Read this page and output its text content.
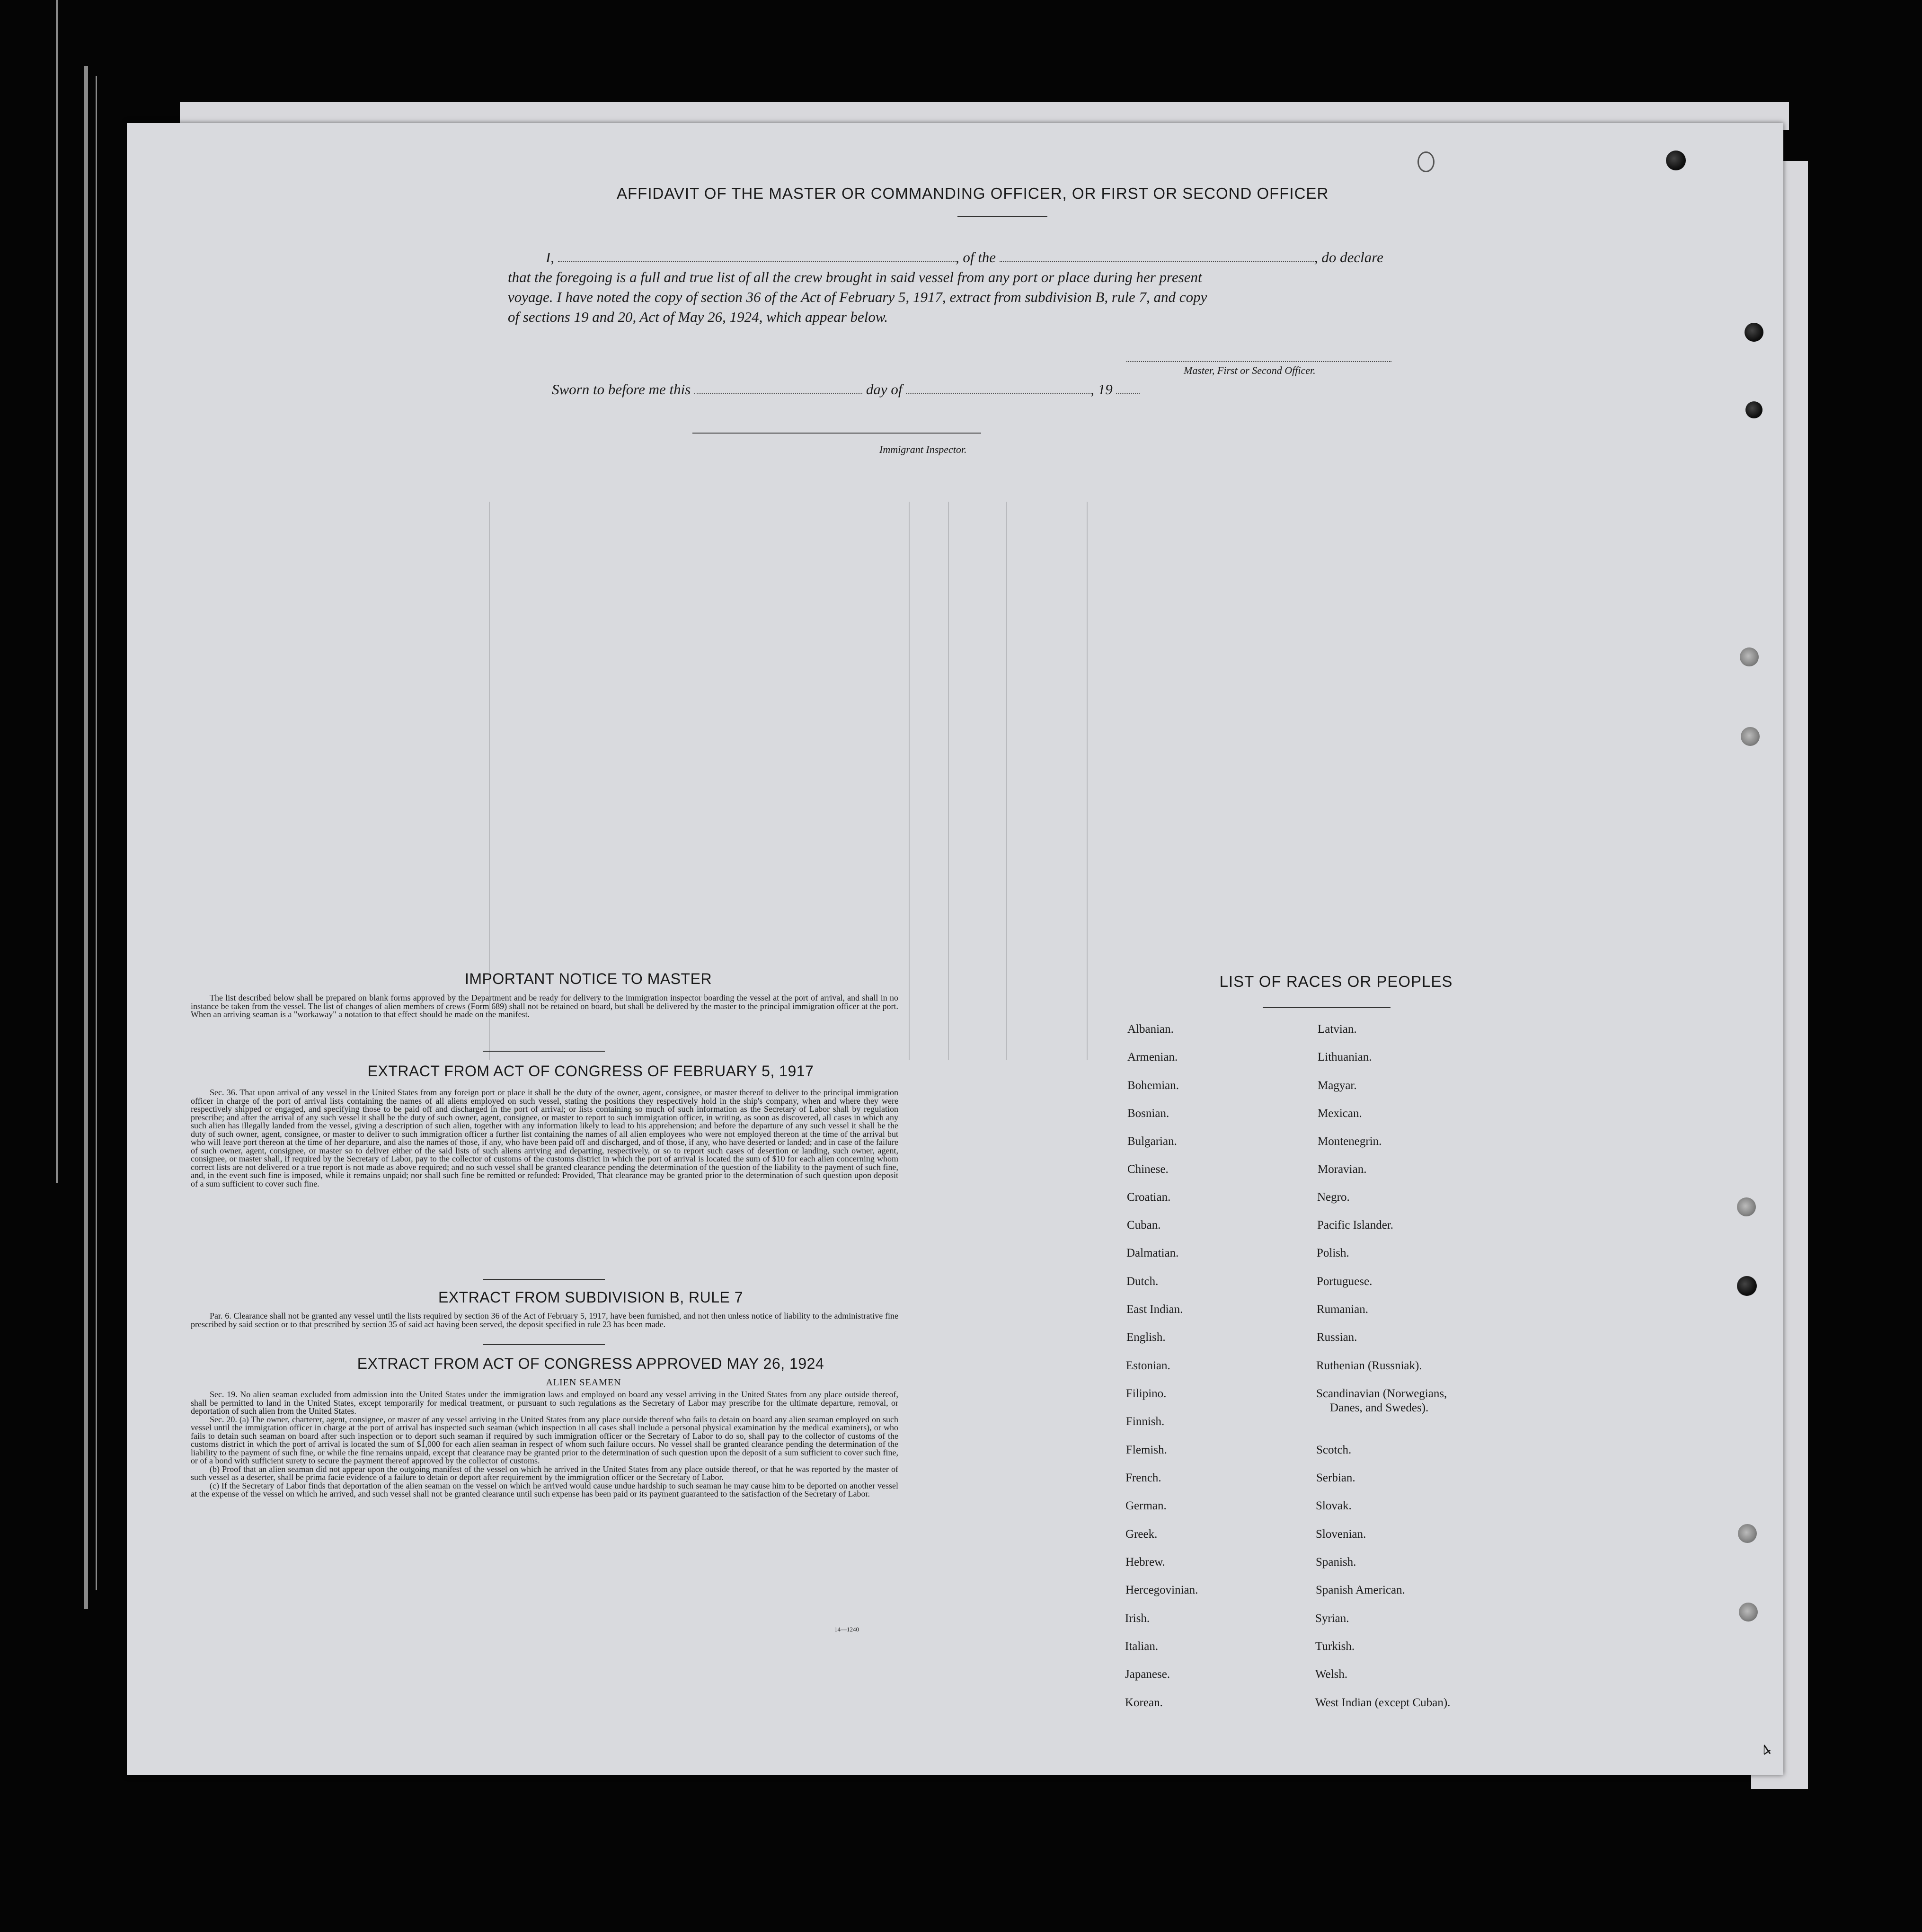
AFFIDAVIT OF THE MASTER OR COMMANDING OFFICER, OR FIRST OR SECOND OFFICER
I,	, of the	, do declare
that the foregoing is a full and true list of all the crew brought in said vessel from any port or place during her present
voyage. I have noted the copy of section 36 of the Act of February 5, 1917, extract from subdivision B, rule 7, and copy
of sections 19 and 20, Act of May 26, 1924, which appear below.
Master, First or Second Officer.
Sworn to before me this	day of	, 19
Immigrant Inspector.
IMPORTANT NOTICE TO MASTER
The list described below shall be prepared on blank forms approved by the Department and be ready for delivery to the immigration inspector boarding the vessel at the port of arrival, and shall in no instance be taken from the vessel. The list of changes of alien members of crews (Form 689) shall not be retained on board, but shall be delivered by the master to the principal immigration officer at the port. When an arriving seaman is a "workaway" a notation to that effect should be made on the manifest.
EXTRACT FROM ACT OF CONGRESS OF FEBRUARY 5, 1917
Sec. 36. That upon arrival of any vessel in the United States from any foreign port or place it shall be the duty of the owner, agent, consignee, or master thereof to deliver to the principal immigration officer in charge of the port of arrival lists containing the names of all aliens employed on such vessel, stating the positions they respectively hold in the ship's company, when and where they were respectively shipped or engaged, and specifying those to be paid off and discharged in the port of arrival; or lists containing so much of such information as the Secretary of Labor shall by regulation prescribe; and after the arrival of any such vessel it shall be the duty of such owner, agent, consignee, or master to report to such immigration officer, in writing, as soon as discovered, all cases in which any such alien has illegally landed from the vessel, giving a description of such alien, together with any information likely to lead to his apprehension; and before the departure of any such vessel it shall be the duty of such owner, agent, consignee, or master to deliver to such immigration officer a further list containing the names of all alien employees who were not employed thereon at the time of the arrival but who will leave port thereon at the time of her departure, and also the names of those, if any, who have been paid off and discharged, and of those, if any, who have deserted or landed; and in case of the failure of such owner, agent, consignee, or master so to deliver either of the said lists of such aliens arriving and departing, respectively, or so to report such cases of desertion or landing, such owner, agent, consignee, or master shall, if required by the Secretary of Labor, pay to the collector of customs of the customs district in which the port of arrival is located the sum of $10 for each alien concerning whom correct lists are not delivered or a true report is not made as above required; and no such vessel shall be granted clearance pending the determination of the question of the liability to the payment of such fine, and, in the event such fine is imposed, while it remains unpaid; nor shall such fine be remitted or refunded: Provided, That clearance may be granted prior to the determination of such question upon deposit of a sum sufficient to cover such fine.
EXTRACT FROM SUBDIVISION B, RULE 7
Par. 6. Clearance shall not be granted any vessel until the lists required by section 36 of the Act of February 5, 1917, have been furnished, and not then unless notice of liability to the administrative fine prescribed by said section or to that prescribed by section 35 of said act having been served, the deposit specified in rule 23 has been made.
EXTRACT FROM ACT OF CONGRESS APPROVED MAY 26, 1924
ALIEN SEAMEN

Sec. 19. No alien seaman excluded from admission into the United States under the immigration laws and employed on board any vessel arriving in the United States from any place outside thereof, shall be permitted to land in the United States, except temporarily for medical treatment, or pursuant to such regulations as the Secretary of Labor may prescribe for the ultimate departure, removal, or deportation of such alien from the United States.

Sec. 20. (a) The owner, charterer, agent, consignee, or master of any vessel arriving in the United States from any place outside thereof who fails to detain on board any alien seaman employed on such vessel until the immigration officer in charge at the port of arrival has inspected such seaman (which inspection in all cases shall include a personal physical examination by the medical examiners), or who fails to detain such seaman on board after such inspection or to deport such seaman if required by such immigration officer or the Secretary of Labor to do so, shall pay to the collector of customs of the customs district in which the port of arrival is located the sum of $1,000 for each alien seaman in respect of whom such failure occurs. No vessel shall be granted clearance pending the determination of the liability to the payment of such fine, or while the fine remains unpaid, except that clearance may be granted prior to the determination of such question upon the deposit of a sum sufficient to cover such fine, or of a bond with sufficient surety to secure the payment thereof approved by the collector of customs.

(b) Proof that an alien seaman did not appear upon the outgoing manifest of the vessel on which he arrived in the United States from any place outside thereof, or that he was reported by the master of such vessel as a deserter, shall be prima facie evidence of a failure to detain or deport after requirement by the immigration officer or the Secretary of Labor.

(c) If the Secretary of Labor finds that deportation of the alien seaman on the vessel on which he arrived would cause undue hardship to such seaman he may cause him to be deported on another vessel at the expense of the vessel on which he arrived, and such vessel shall not be granted clearance until such expense has been paid or its payment guaranteed to the satisfaction of the Secretary of Labor.

14—1240
LIST OF RACES OR PEOPLES
Albanian.
Armenian.
Bohemian.
Bosnian.
Bulgarian.
Chinese.
Croatian.
Cuban.
Dalmatian.
Dutch.
East Indian.
English.
Estonian.
Filipino.
Finnish.
Flemish.
French.
German.
Greek.
Hebrew.
Hercegovinian.
Irish.
Italian.
Japanese.
Korean.
Latvian.
Lithuanian.
Magyar.
Mexican.
Montenegrin.
Moravian.
Negro.
Pacific Islander.
Polish.
Portuguese.
Rumanian.
Russian.
Ruthenian (Russniak).
Scandinavian (Norwegians,
Danes, and Swedes).
Scotch.
Serbian.
Slovak.
Slovenian.
Spanish.
Spanish American.
Syrian.
Turkish.
Welsh.
West Indian (except Cuban).
4
